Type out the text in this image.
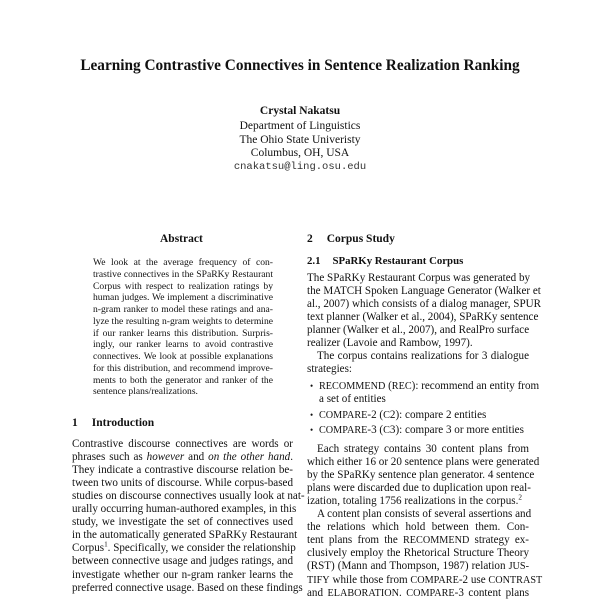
Learning Contrastive Connectives in Sentence Realization Ranking
Crystal Nakatsu
Department of Linguistics
The Ohio State Univeristy
Columbus, OH, USA
cnakatsu@ling.osu.edu
Abstract
We look at the average frequency of con-
trastive connectives in the SPaRKy Restaurant
Corpus with respect to realization ratings by
human judges. We implement a discriminative
n-gram ranker to model these ratings and ana-
lyze the resulting n-gram weights to determine
if our ranker learns this distribution. Surpris-
ingly, our ranker learns to avoid contrastive
connectives. We look at possible explanations
for this distribution, and recommend improve-
ments to both the generator and ranker of the
sentence plans/realizations.
1 Introduction
Contrastive discourse connectives are words or
phrases such as however and on the other hand.
They indicate a contrastive discourse relation be-
tween two units of discourse. While corpus-based
studies on discourse connectives usually look at nat-
urally occurring human-authored examples, in this
study, we investigate the set of connectives used
in the automatically generated SPaRKy Restaurant
Corpus$^1$. Specifically, we consider the relationship
between connective usage and judges ratings, and
investigate whether our n-gram ranker learns the
preferred connective usage. Based on these findings
2 Corpus Study
2.1 SPaRKy Restaurant Corpus
The SPaRKy Restaurant Corpus was generated by
the MATCH Spoken Language Generator (Walker et
al., 2007) which consists of a dialog manager, SPUR
text planner (Walker et al., 2004), SPaRKy sentence
planner (Walker et al., 2007), and RealPro surface
realizer (Lavoie and Rambow, 1997).
The corpus contains realizations for 3 dialogue
strategies:
• RECOMMEND (REC): recommend an entity from
a set of entities
• COMPARE-2 (C2): compare 2 entities
• COMPARE-3 (C3): compare 3 or more entities
Each strategy contains 30 content plans from
which either 16 or 20 sentence plans were generated
by the SPaRKy sentence plan generator. 4 sentence
plans were discarded due to duplication upon real-
ization, totaling 1756 realizations in the corpus.$^2$
A content plan consists of several assertions and
the relations which hold between them. Con-
tent plans from the RECOMMEND strategy ex-
clusively employ the Rhetorical Structure Theory
(RST) (Mann and Thompson, 1987) relation JUS-
TIFY while those from COMPARE-2 use CONTRAST
and ELABORATION. COMPARE-3 content plans
